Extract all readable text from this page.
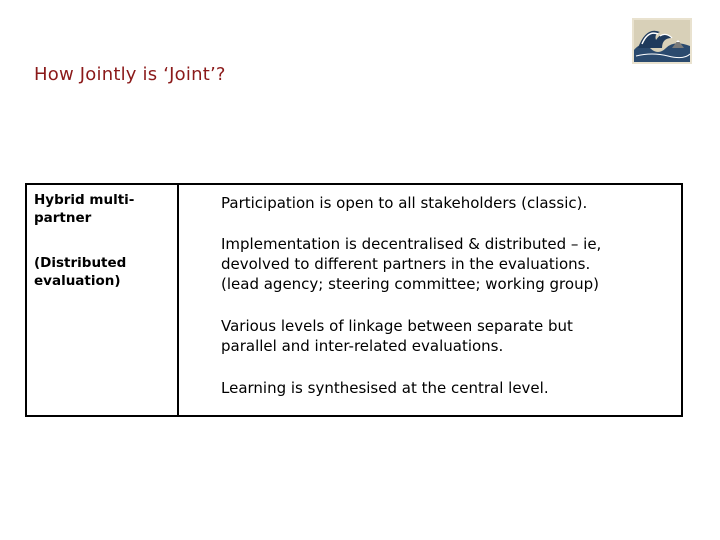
How Jointly is ‘Joint’?
Hybrid multi-
partner
(Distributed
evaluation)

Participation is open to all stakeholders (classic).

Implementation is decentralised & distributed – ie,
devolved to different partners in the evaluations.
(lead agency; steering committee; working group)

Various levels of linkage between separate but
parallel and inter-related evaluations.

Learning is synthesised at the central level.
